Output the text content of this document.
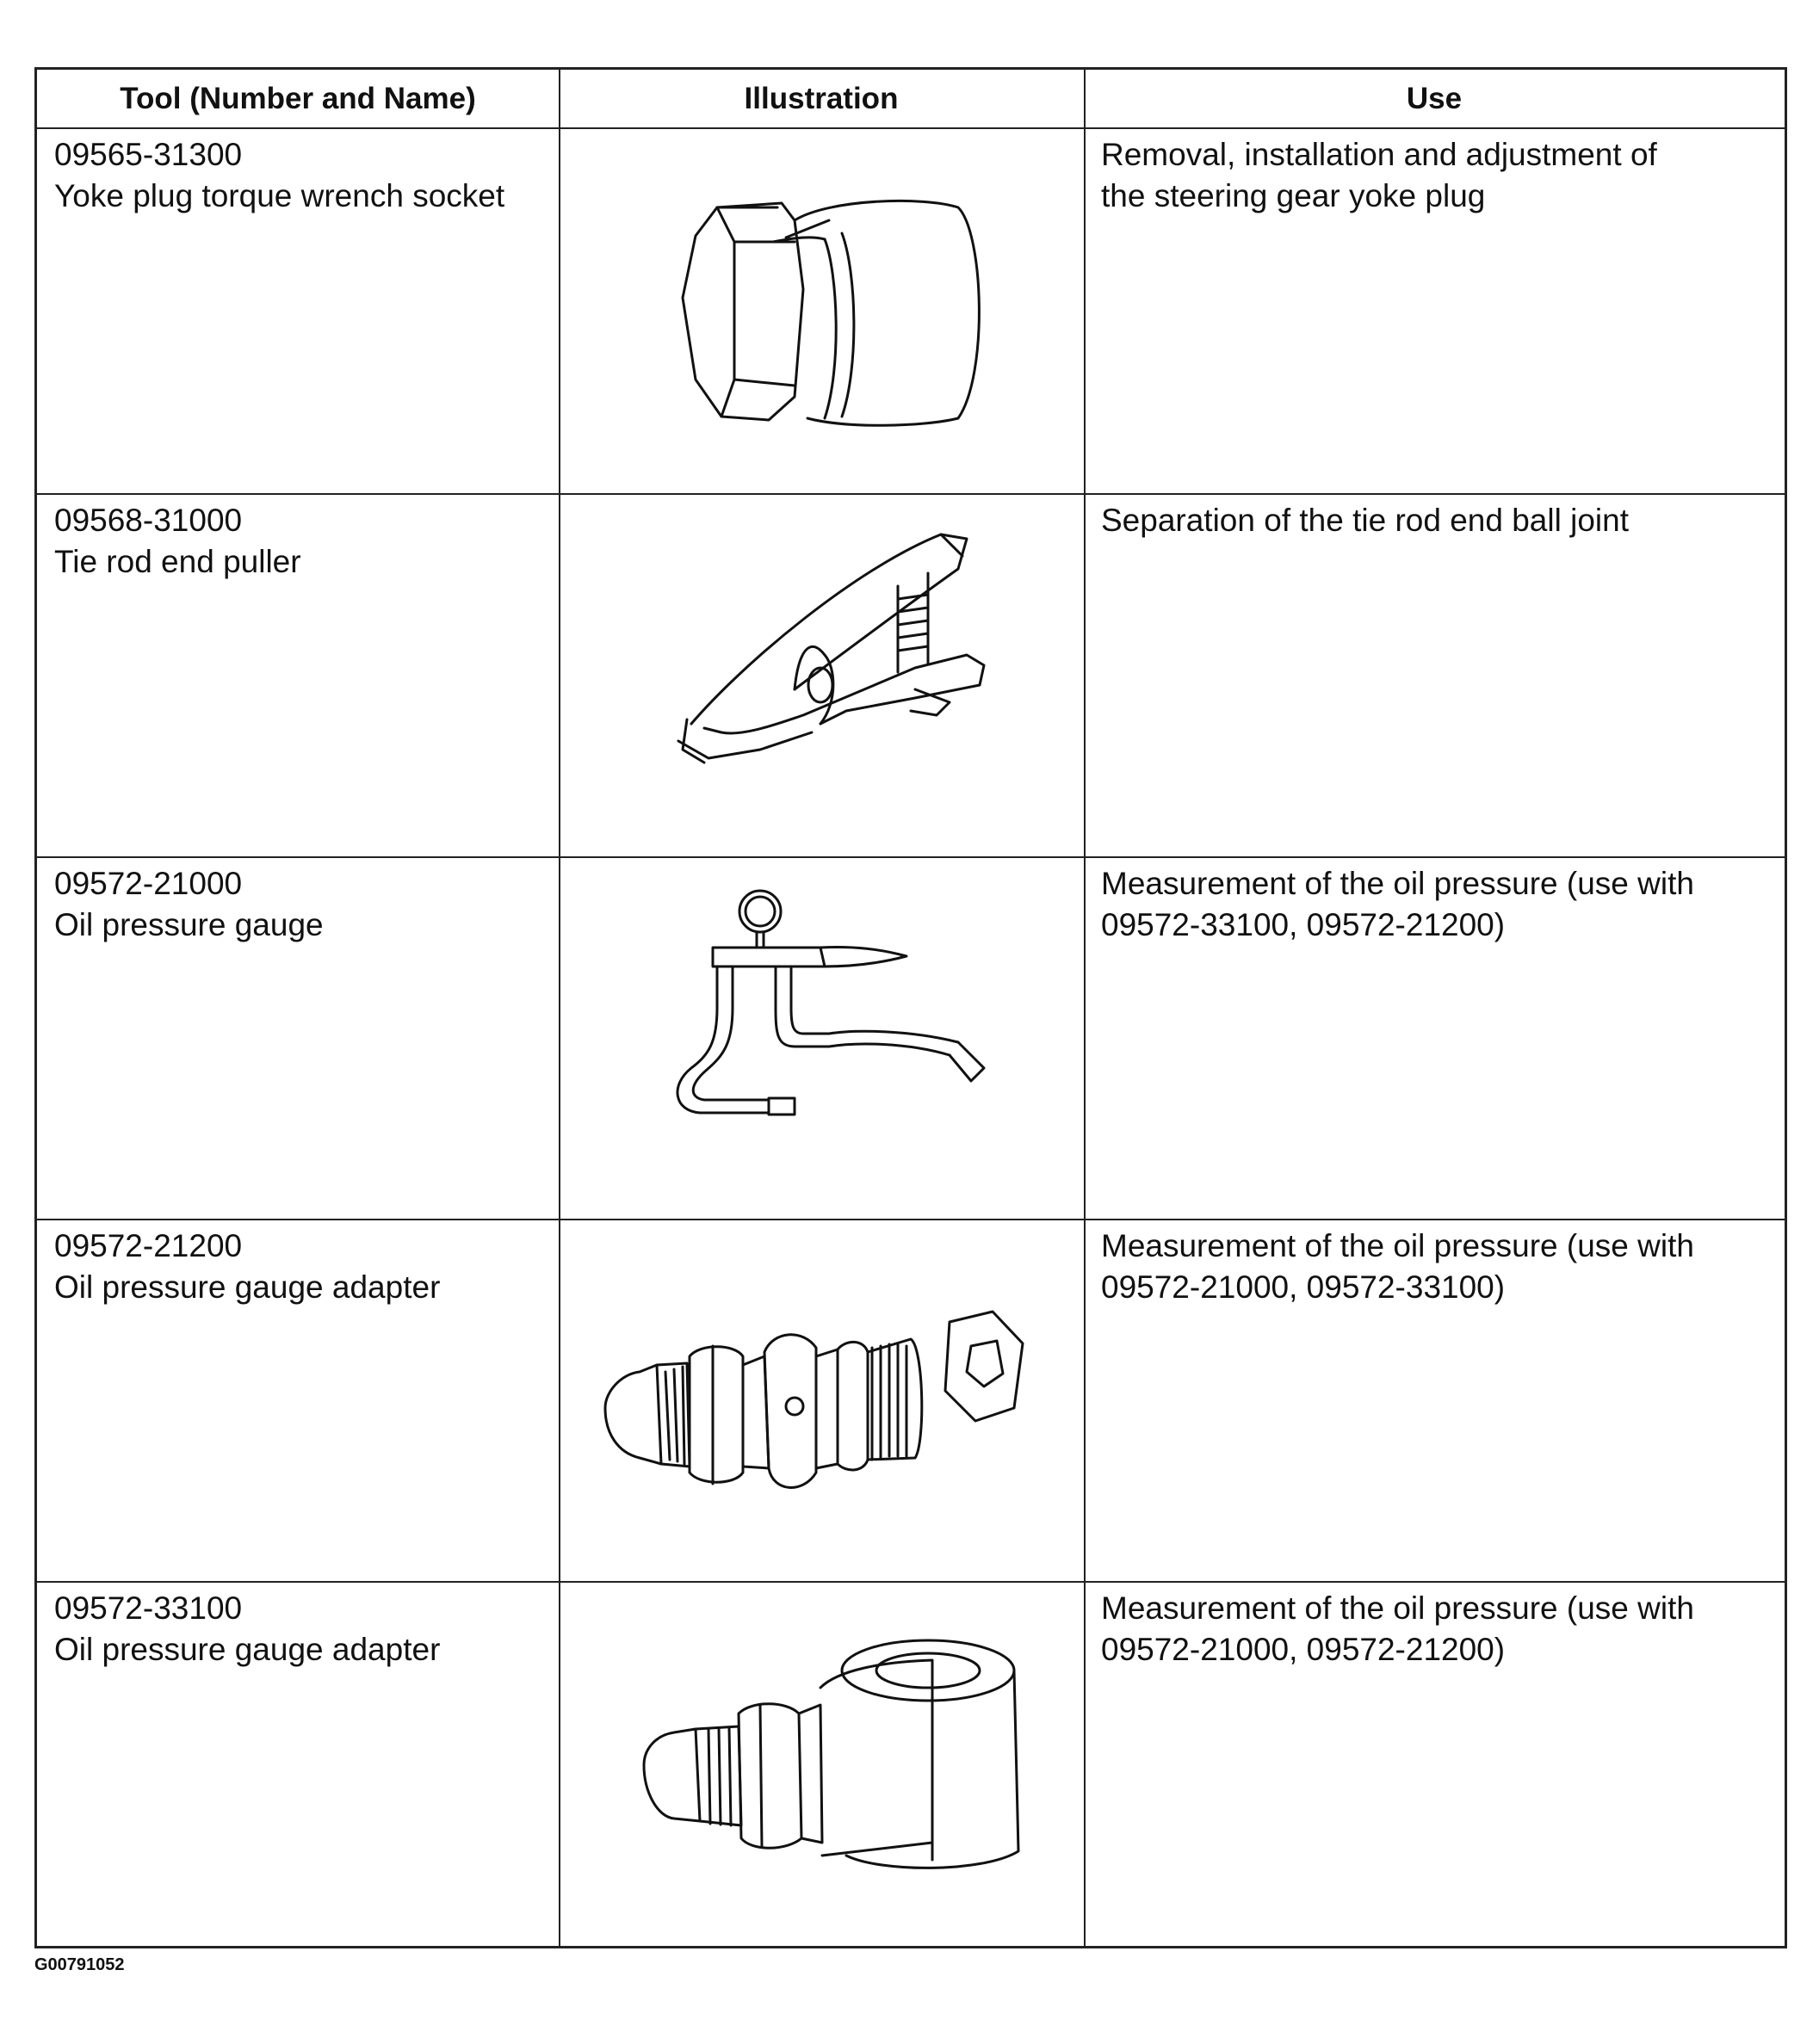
Tool (Number and Name)	Illustration	Use
09565-31300
Yoke plug torque wrench socket
Removal, installation and adjustment of
the steering gear yoke plug
09568-31000
Tie rod end puller
Separation of the tie rod end ball joint
09572-21000
Oil pressure gauge
Measurement of the oil pressure (use with
09572-33100, 09572-21200)
09572-21200
Oil pressure gauge adapter
Measurement of the oil pressure (use with
09572-21000, 09572-33100)
09572-33100
Oil pressure gauge adapter
Measurement of the oil pressure (use with
09572-21000, 09572-21200)
G00791052
